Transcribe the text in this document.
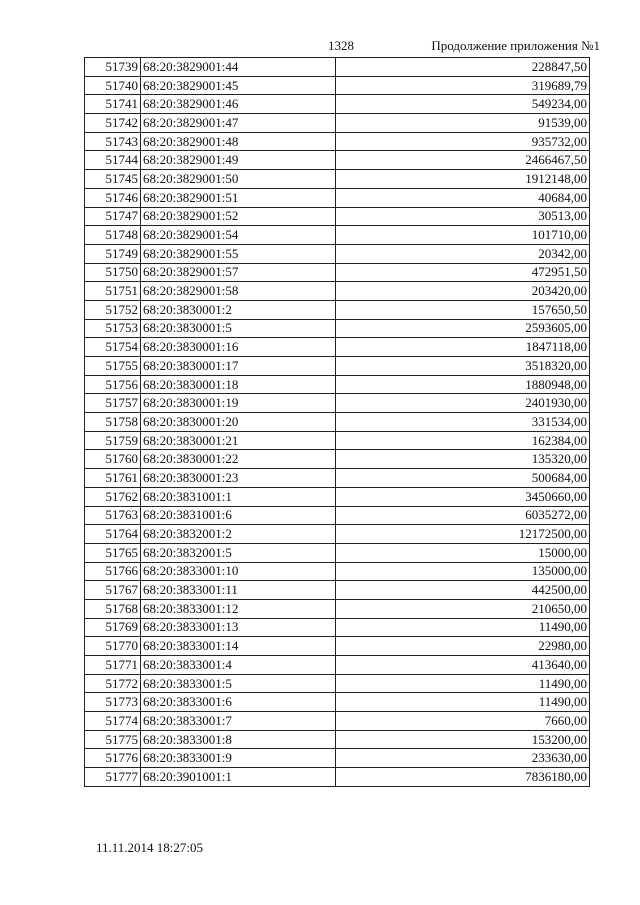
1328	Продолжение приложения №1
51739	68:20:3829001:44	228847,50
51740	68:20:3829001:45	319689,79
51741	68:20:3829001:46	549234,00
51742	68:20:3829001:47	91539,00
51743	68:20:3829001:48	935732,00
51744	68:20:3829001:49	2466467,50
51745	68:20:3829001:50	1912148,00
51746	68:20:3829001:51	40684,00
51747	68:20:3829001:52	30513,00
51748	68:20:3829001:54	101710,00
51749	68:20:3829001:55	20342,00
51750	68:20:3829001:57	472951,50
51751	68:20:3829001:58	203420,00
51752	68:20:3830001:2	157650,50
51753	68:20:3830001:5	2593605,00
51754	68:20:3830001:16	1847118,00
51755	68:20:3830001:17	3518320,00
51756	68:20:3830001:18	1880948,00
51757	68:20:3830001:19	2401930,00
51758	68:20:3830001:20	331534,00
51759	68:20:3830001:21	162384,00
51760	68:20:3830001:22	135320,00
51761	68:20:3830001:23	500684,00
51762	68:20:3831001:1	3450660,00
51763	68:20:3831001:6	6035272,00
51764	68:20:3832001:2	12172500,00
51765	68:20:3832001:5	15000,00
51766	68:20:3833001:10	135000,00
51767	68:20:3833001:11	442500,00
51768	68:20:3833001:12	210650,00
51769	68:20:3833001:13	11490,00
51770	68:20:3833001:14	22980,00
51771	68:20:3833001:4	413640,00
51772	68:20:3833001:5	11490,00
51773	68:20:3833001:6	11490,00
51774	68:20:3833001:7	7660,00
51775	68:20:3833001:8	153200,00
51776	68:20:3833001:9	233630,00
51777	68:20:3901001:1	7836180,00
11.11.2014 18:27:05
